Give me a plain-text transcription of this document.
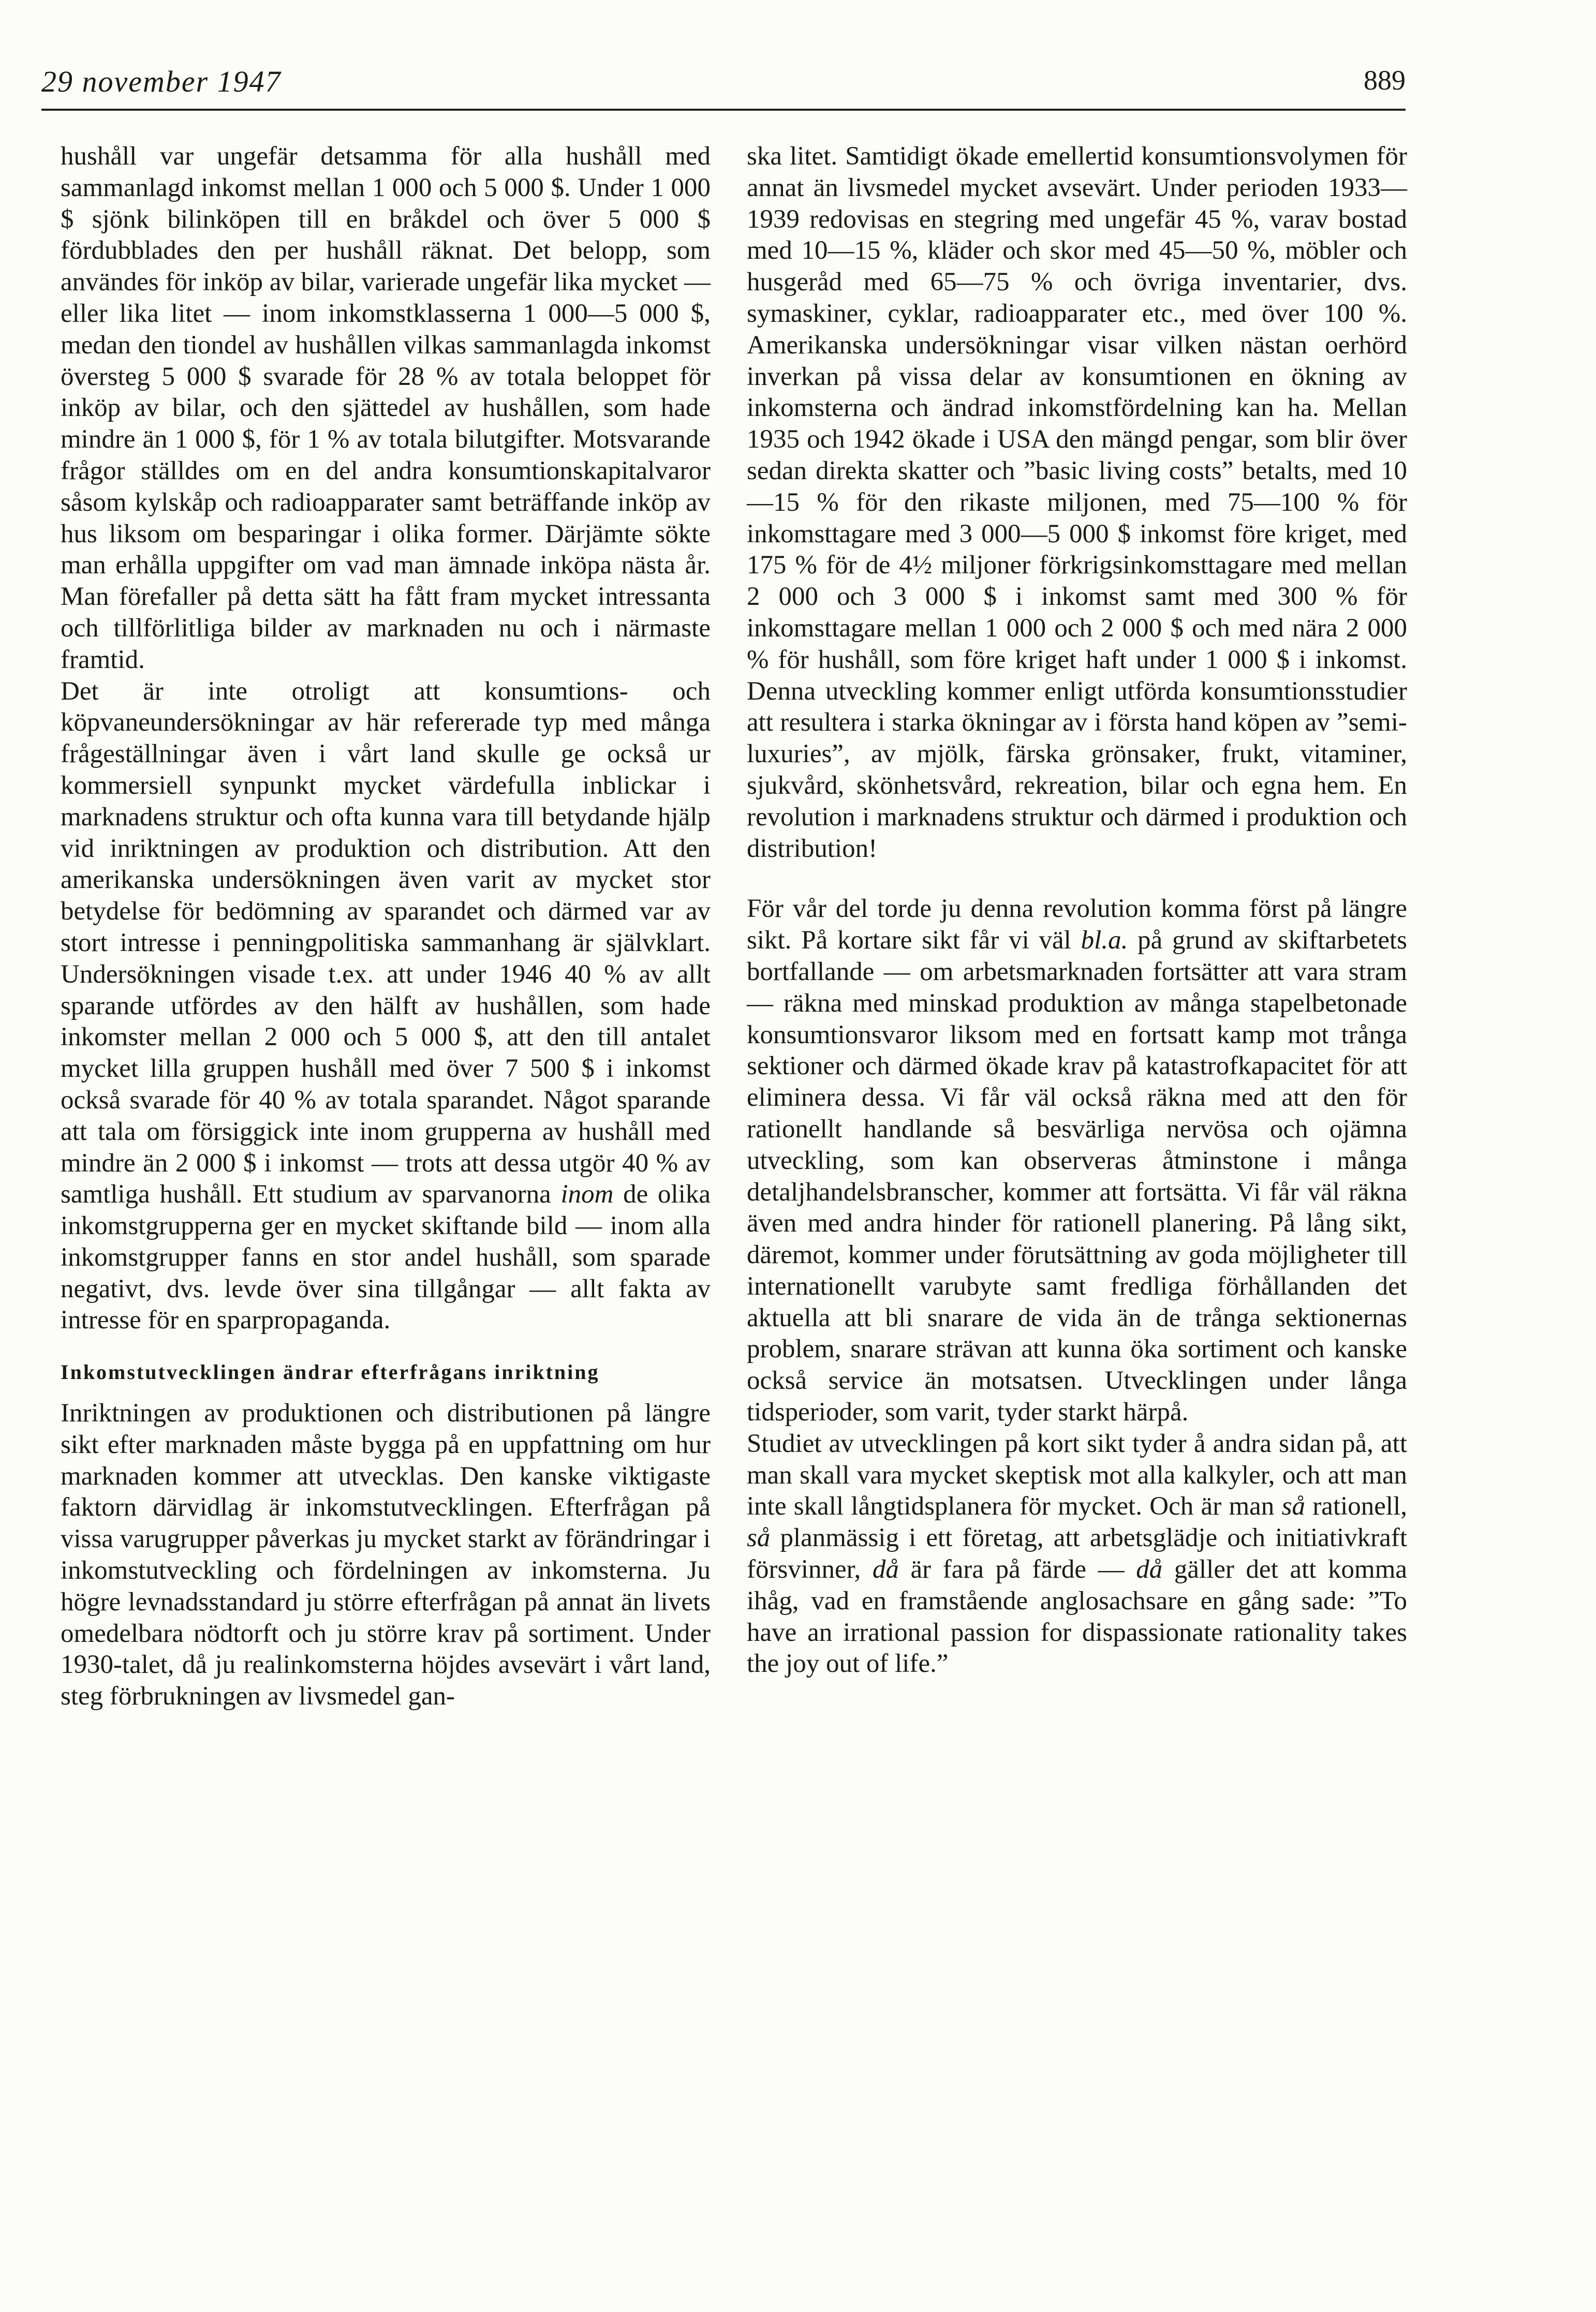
29 november 1947	889

hushåll var ungefär detsamma för alla hushåll med sammanlagd inkomst mellan 1 000 och 5 000 $. Under 1 000 $ sjönk bilinköpen till en bråkdel och över 5 000 $ fördubblades den per hushåll räknat. Det belopp, som användes för inköp av bilar, varierade ungefär lika mycket — eller lika litet — inom inkomstklasserna 1 000—5 000 $, medan den tiondel av hushållen vilkas sammanlagda inkomst översteg 5 000 $ svarade för 28 % av totala beloppet för inköp av bilar, och den sjättedel av hushållen, som hade mindre än 1 000 $, för 1 % av totala bilutgifter. Motsvarande frågor ställdes om en del andra konsumtionskapitalvaror såsom kylskåp och radioapparater samt beträffande inköp av hus liksom om besparingar i olika former. Därjämte sökte man erhålla uppgifter om vad man ämnade inköpa nästa år. Man förefaller på detta sätt ha fått fram mycket intressanta och tillförlitliga bilder av marknaden nu och i närmaste framtid.

Det är inte otroligt att konsumtions- och köpvaneundersökningar av här refererade typ med många frågeställningar även i vårt land skulle ge också ur kommersiell synpunkt mycket värdefulla inblickar i marknadens struktur och ofta kunna vara till betydande hjälp vid inriktningen av produktion och distribution. Att den amerikanska undersökningen även varit av mycket stor betydelse för bedömning av sparandet och därmed var av stort intresse i penningpolitiska sammanhang är självklart. Undersökningen visade t.ex. att under 1946 40 % av allt sparande utfördes av den hälft av hushållen, som hade inkomster mellan 2 000 och 5 000 $, att den till antalet mycket lilla gruppen hushåll med över 7 500 $ i inkomst också svarade för 40 % av totala sparandet. Något sparande att tala om försiggick inte inom grupperna av hushåll med mindre än 2 000 $ i inkomst — trots att dessa utgör 40 % av samtliga hushåll. Ett studium av sparvanorna inom de olika inkomstgrupperna ger en mycket skiftande bild — inom alla inkomstgrupper fanns en stor andel hushåll, som sparade negativt, dvs. levde över sina tillgångar — allt fakta av intresse för en sparpropaganda.

Inkomstutvecklingen ändrar efterfrågans inriktning

Inriktningen av produktionen och distributionen på längre sikt efter marknaden måste bygga på en uppfattning om hur marknaden kommer att utvecklas. Den kanske viktigaste faktorn därvidlag är inkomstutvecklingen. Efterfrågan på vissa varugrupper påverkas ju mycket starkt av förändringar i inkomstutveckling och fördelningen av inkomsterna. Ju högre levnadsstandard ju större efterfrågan på annat än livets omedelbara nödtorft och ju större krav på sortiment. Under 1930-talet, då ju realinkomsterna höjdes avsevärt i vårt land, steg förbrukningen av livsmedel gan-

ska litet. Samtidigt ökade emellertid konsumtionsvolymen för annat än livsmedel mycket avsevärt. Under perioden 1933—1939 redovisas en stegring med ungefär 45 %, varav bostad med 10—15 %, kläder och skor med 45—50 %, möbler och husgeråd med 65—75 % och övriga inventarier, dvs. symaskiner, cyklar, radioapparater etc., med över 100 %. Amerikanska undersökningar visar vilken nästan oerhörd inverkan på vissa delar av konsumtionen en ökning av inkomsterna och ändrad inkomstfördelning kan ha. Mellan 1935 och 1942 ökade i USA den mängd pengar, som blir över sedan direkta skatter och ”basic living costs” betalts, med 10—15 % för den rikaste miljonen, med 75—100 % för inkomsttagare med 3 000—5 000 $ inkomst före kriget, med 175 % för de 4½ miljoner förkrigsinkomsttagare med mellan 2 000 och 3 000 $ i inkomst samt med 300 % för inkomsttagare mellan 1 000 och 2 000 $ och med nära 2 000 % för hushåll, som före kriget haft under 1 000 $ i inkomst. Denna utveckling kommer enligt utförda konsumtionsstudier att resultera i starka ökningar av i första hand köpen av ”semi-luxuries”, av mjölk, färska grönsaker, frukt, vitaminer, sjukvård, skönhetsvård, rekreation, bilar och egna hem. En revolution i marknadens struktur och därmed i produktion och distribution!

För vår del torde ju denna revolution komma först på längre sikt. På kortare sikt får vi väl bl.a. på grund av skiftarbetets bortfallande — om arbetsmarknaden fortsätter att vara stram — räkna med minskad produktion av många stapelbetonade konsumtionsvaror liksom med en fortsatt kamp mot trånga sektioner och därmed ökade krav på katastrofkapacitet för att eliminera dessa. Vi får väl också räkna med att den för rationellt handlande så besvärliga nervösa och ojämna utveckling, som kan observeras åtminstone i många detaljhandelsbranscher, kommer att fortsätta. Vi får väl räkna även med andra hinder för rationell planering. På lång sikt, däremot, kommer under förutsättning av goda möjligheter till internationellt varubyte samt fredliga förhållanden det aktuella att bli snarare de vida än de trånga sektionernas problem, snarare strävan att kunna öka sortiment och kanske också service än motsatsen. Utvecklingen under långa tidsperioder, som varit, tyder starkt härpå.

Studiet av utvecklingen på kort sikt tyder å andra sidan på, att man skall vara mycket skeptisk mot alla kalkyler, och att man inte skall långtidsplanera för mycket. Och är man så rationell, så planmässig i ett företag, att arbetsglädje och initiativkraft försvinner, då är fara på färde — då gäller det att komma ihåg, vad en framstående anglosachsare en gång sade: ”To have an irrational passion for dispassionate rationality takes the joy out of life.”
